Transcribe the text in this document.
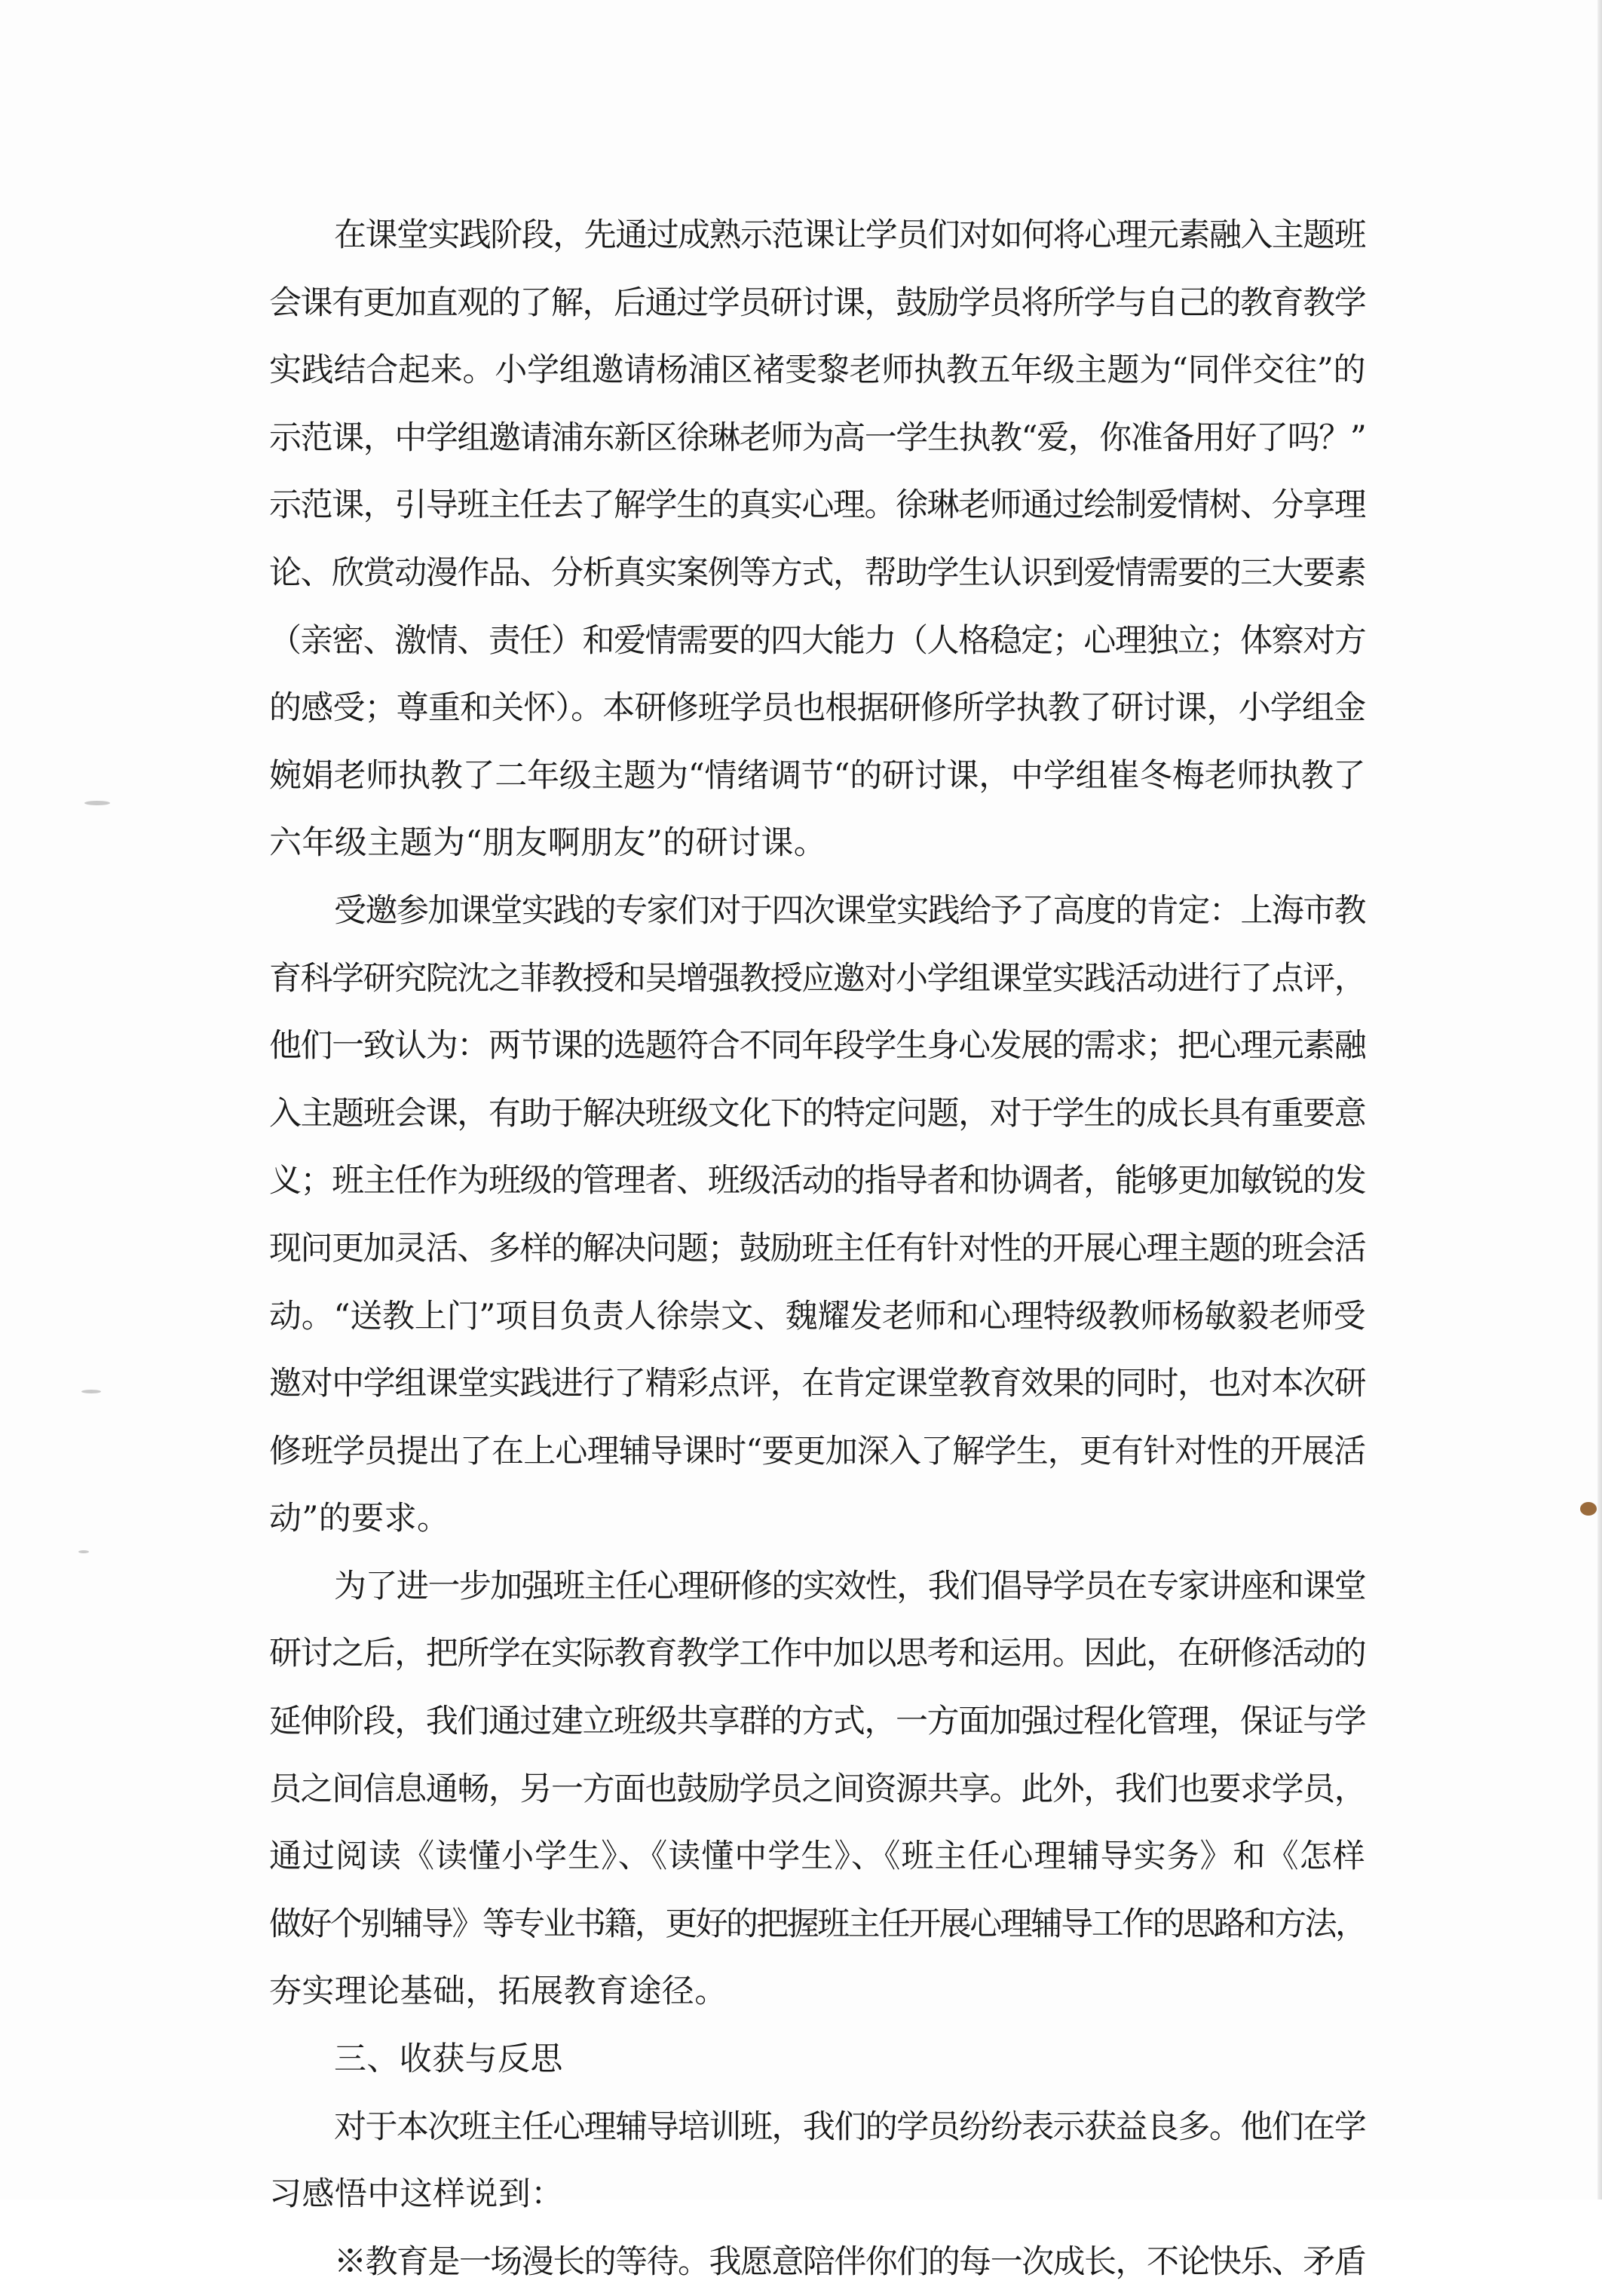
在课堂实践阶段，先通过成熟示范课让学员们对如何将心理元素融入主题班
会课有更加直观的了解，后通过学员研讨课，鼓励学员将所学与自己的教育教学
实践结合起来。小学组邀请杨浦区褚雯黎老师执教五年级主题为“同伴交往”的
示范课，中学组邀请浦东新区徐琳老师为高一学生执教“爱，你准备用好了吗？”
示范课，引导班主任去了解学生的真实心理。徐琳老师通过绘制爱情树、分享理
论、欣赏动漫作品、分析真实案例等方式，帮助学生认识到爱情需要的三大要素
（亲密、激情、责任）和爱情需要的四大能力（人格稳定；心理独立；体察对方
的感受；尊重和关怀）。本研修班学员也根据研修所学执教了研讨课，小学组金
婉娟老师执教了二年级主题为“情绪调节“的研讨课，中学组崔冬梅老师执教了
六年级主题为“朋友啊朋友”的研讨课。
受邀参加课堂实践的专家们对于四次课堂实践给予了高度的肯定：上海市教
育科学研究院沈之菲教授和吴增强教授应邀对小学组课堂实践活动进行了点评，
他们一致认为：两节课的选题符合不同年段学生身心发展的需求；把心理元素融
入主题班会课，有助于解决班级文化下的特定问题，对于学生的成长具有重要意
义；班主任作为班级的管理者、班级活动的指导者和协调者，能够更加敏锐的发
现问更加灵活、多样的解决问题；鼓励班主任有针对性的开展心理主题的班会活
动。“送教上门”项目负责人徐崇文、魏耀发老师和心理特级教师杨敏毅老师受
邀对中学组课堂实践进行了精彩点评，在肯定课堂教育效果的同时，也对本次研
修班学员提出了在上心理辅导课时“要更加深入了解学生，更有针对性的开展活
动”的要求。
为了进一步加强班主任心理研修的实效性，我们倡导学员在专家讲座和课堂
研讨之后，把所学在实际教育教学工作中加以思考和运用。因此，在研修活动的
延伸阶段，我们通过建立班级共享群的方式，一方面加强过程化管理，保证与学
员之间信息通畅，另一方面也鼓励学员之间资源共享。此外，我们也要求学员，
通过阅读《读懂小学生》、《读懂中学生》、《班主任心理辅导实务》和《怎样
做好个别辅导》等专业书籍，更好的把握班主任开展心理辅导工作的思路和方法，
夯实理论基础，拓展教育途径。
三、收获与反思
对于本次班主任心理辅导培训班，我们的学员纷纷表示获益良多。他们在学
习感悟中这样说到：
※教育是一场漫长的等待。我愿意陪伴你们的每一次成长，不论快乐、矛盾
